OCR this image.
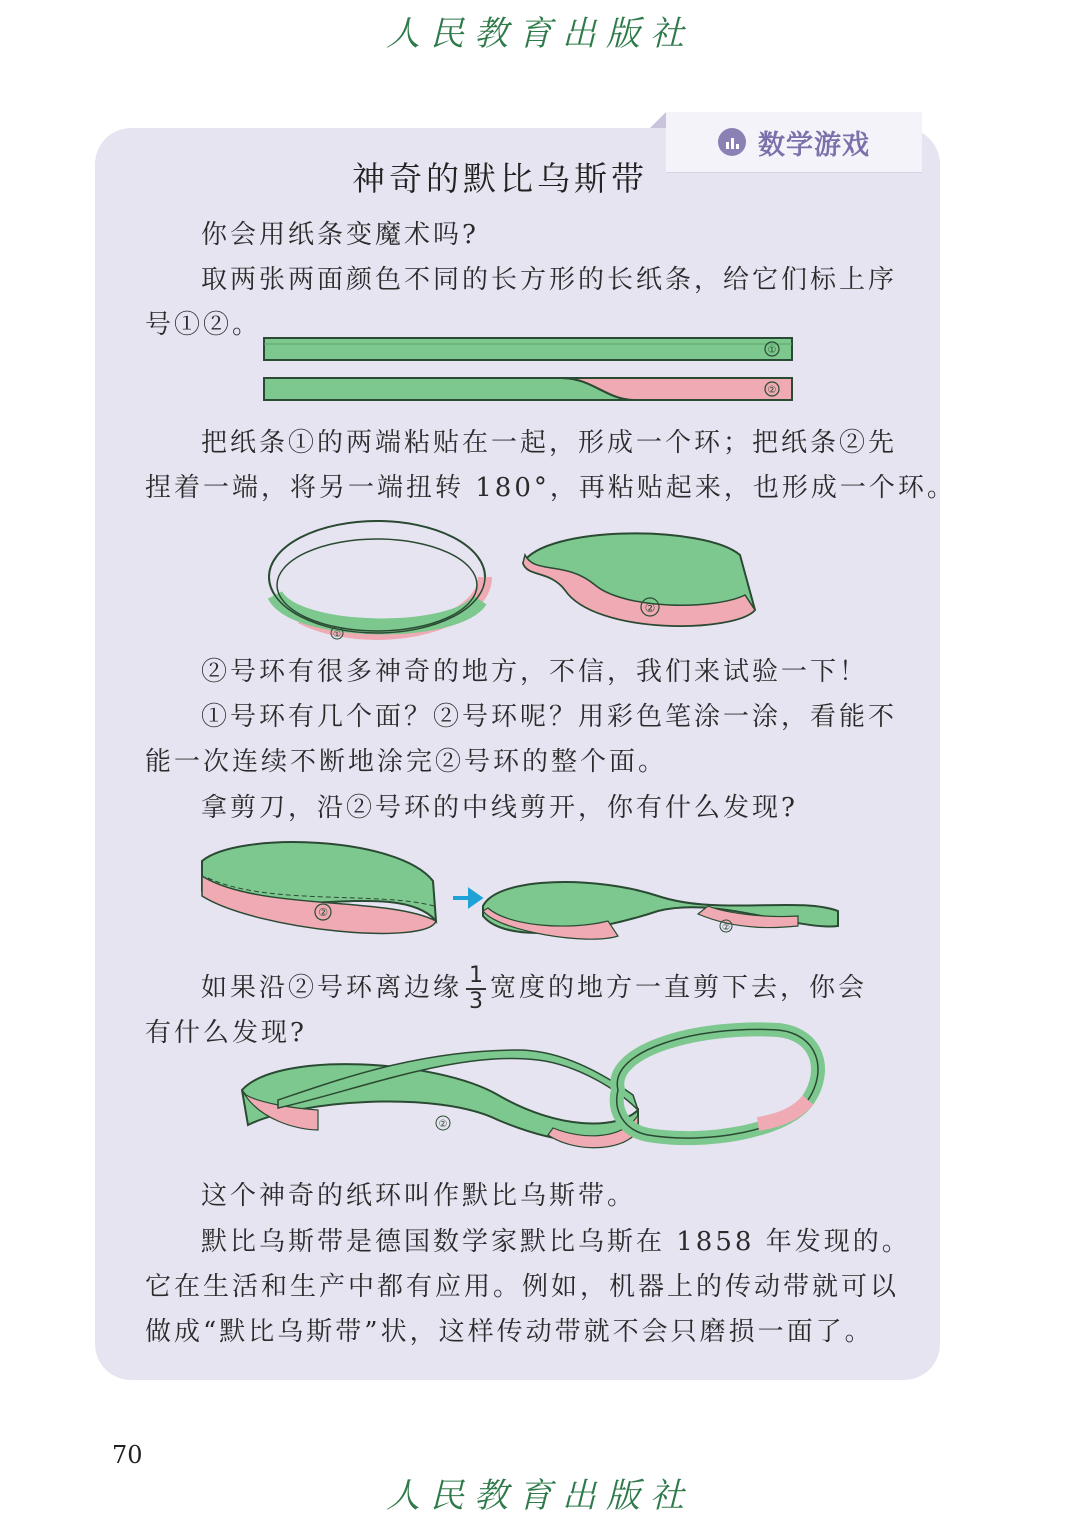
人民教育出版社
数学游戏
神奇的默比乌斯带

你会用纸条变魔术吗?

取两张两面颜色不同的长方形的长纸条，给它们标上序

号①②。

①
②

把纸条①的两端粘贴在一起，形成一个环；把纸条②先

捏着一端，将另一端扭转 180°，再粘贴起来，也形成一个环。

①
②

②号环有很多神奇的地方，不信，我们来试验一下！

①号环有几个面？②号环呢？用彩色笔涂一涂，看能不

能一次连续不断地涂完②号环的整个面。

拿剪刀，沿②号环的中线剪开，你有什么发现?

②
②

如果沿②号环离边缘 $\frac{1}{3}$ 宽度的地方一直剪下去，你会

有什么发现?

②

这个神奇的纸环叫作默比乌斯带。

默比乌斯带是德国数学家默比乌斯在 1858 年发现的。

它在生活和生产中都有应用。例如，机器上的传动带就可以

做成“默比乌斯带”状，这样传动带就不会只磨损一面了。

70
人民教育出版社
